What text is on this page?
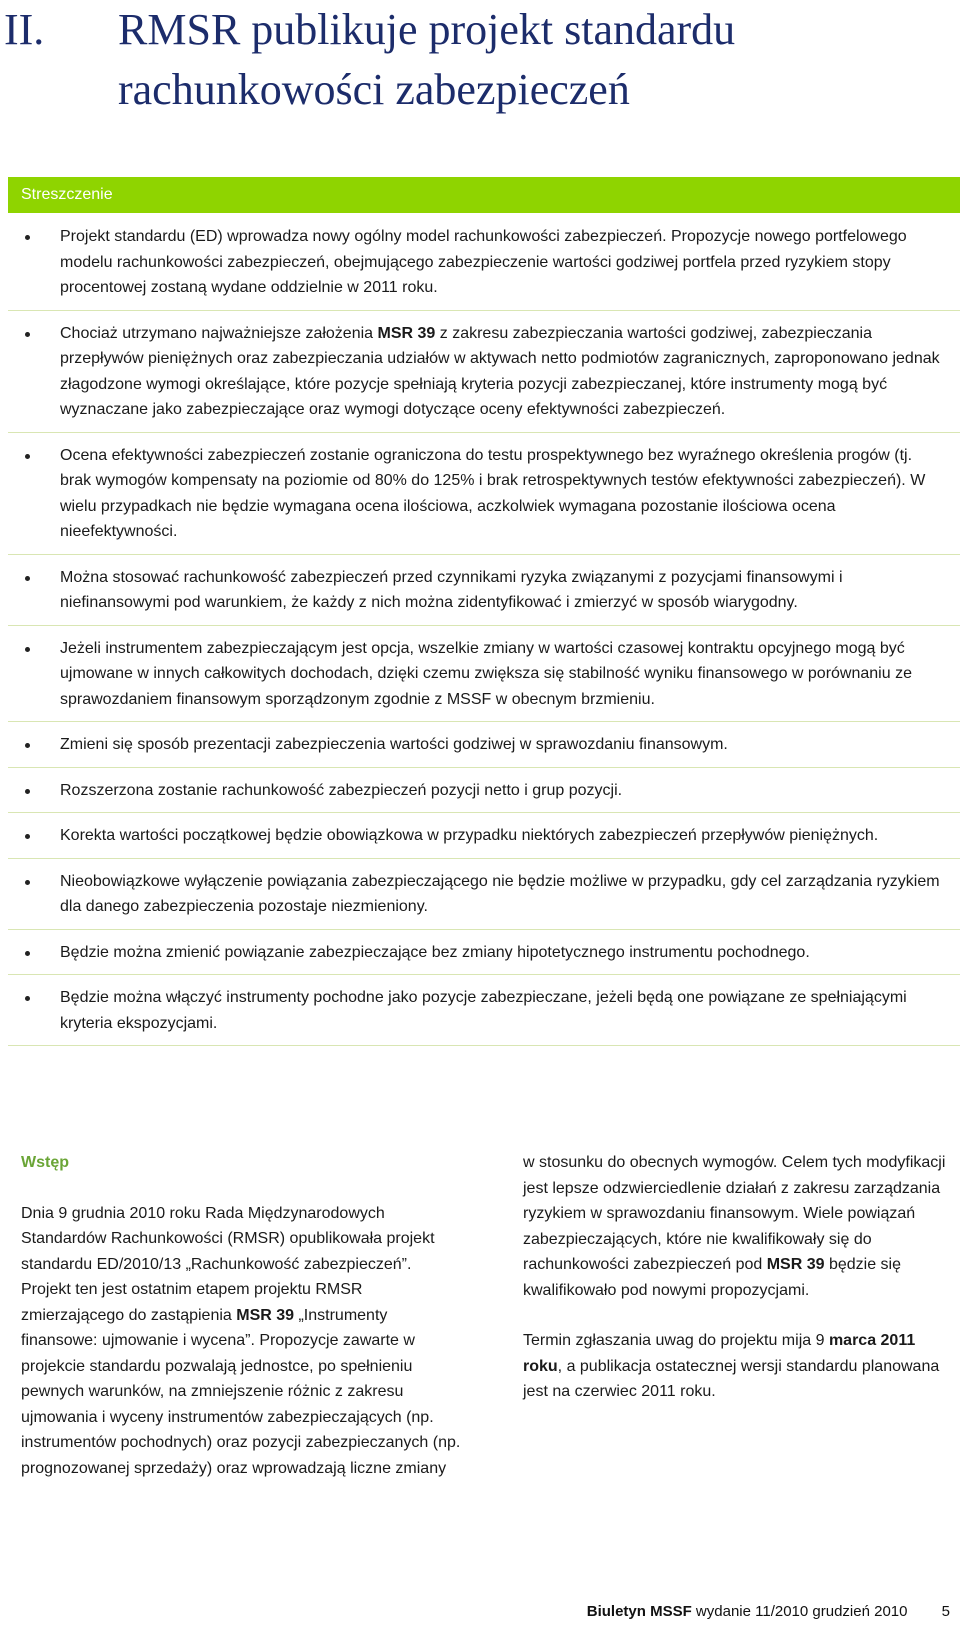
II. RMSR publikuje projekt standardu rachunkowości zabezpieczeń
Streszczenie
Projekt standardu (ED) wprowadza nowy ogólny model rachunkowości zabezpieczeń. Propozycje nowego portfelowego modelu rachunkowości zabezpieczeń, obejmującego zabezpieczenie wartości godziwej portfela przed ryzykiem stopy procentowej zostaną wydane oddzielnie w 2011 roku.
Chociaż utrzymano najważniejsze założenia MSR 39 z zakresu zabezpieczania wartości godziwej, zabezpieczania przepływów pieniężnych oraz zabezpieczania udziałów w aktywach netto podmiotów zagranicznych, zaproponowano jednak złagodzone wymogi określające, które pozycje spełniają kryteria pozycji zabezpieczanej, które instrumenty mogą być wyznaczane jako zabezpieczające oraz wymogi dotyczące oceny efektywności zabezpieczeń.
Ocena efektywności zabezpieczeń zostanie ograniczona do testu prospektywnego bez wyraźnego określenia progów (tj. brak wymogów kompensaty na poziomie od 80% do 125% i brak retrospektywnych testów efektywności zabezpieczeń). W wielu przypadkach nie będzie wymagana ocena ilościowa, aczkolwiek wymagana pozostanie ilościowa ocena nieefektywności.
Można stosować rachunkowość zabezpieczeń przed czynnikami ryzyka związanymi z pozycjami finansowymi i niefinansowymi pod warunkiem, że każdy z nich można zidentyfikować i zmierzyć w sposób wiarygodny.
Jeżeli instrumentem zabezpieczającym jest opcja, wszelkie zmiany w wartości czasowej kontraktu opcyjnego mogą być ujmowane w innych całkowitych dochodach, dzięki czemu zwiększa się stabilność wyniku finansowego w porównaniu ze sprawozdaniem finansowym sporządzonym zgodnie z MSSF w obecnym brzmieniu.
Zmieni się sposób prezentacji zabezpieczenia wartości godziwej w sprawozdaniu finansowym.
Rozszerzona zostanie rachunkowość zabezpieczeń pozycji netto i grup pozycji.
Korekta wartości początkowej będzie obowiązkowa w przypadku niektórych zabezpieczeń przepływów pieniężnych.
Nieobowiązkowe wyłączenie powiązania zabezpieczającego nie będzie możliwe w przypadku, gdy cel zarządzania ryzykiem dla danego zabezpieczenia pozostaje niezmieniony.
Będzie można zmienić powiązanie zabezpieczające bez zmiany hipotetycznego instrumentu pochodnego.
Będzie można włączyć instrumenty pochodne jako pozycje zabezpieczane, jeżeli będą one powiązane ze spełniającymi kryteria ekspozycjami.
Wstęp

Dnia 9 grudnia 2010 roku Rada Międzynarodowych Standardów Rachunkowości (RMSR) opublikowała projekt standardu ED/2010/13 „Rachunkowość zabezpieczeń”. Projekt ten jest ostatnim etapem projektu RMSR zmierzającego do zastąpienia MSR 39 „Instrumenty finansowe: ujmowanie i wycena”. Propozycje zawarte w projekcie standardu pozwalają jednostce, po spełnieniu pewnych warunków, na zmniejszenie różnic z zakresu ujmowania i wyceny instrumentów zabezpieczających (np. instrumentów pochodnych) oraz pozycji zabezpieczanych (np. prognozowanej sprzedaży) oraz wprowadzają liczne zmiany

w stosunku do obecnych wymogów. Celem tych modyfikacji jest lepsze odzwierciedlenie działań z zakresu zarządzania ryzykiem w sprawozdaniu finansowym. Wiele powiązań zabezpieczających, które nie kwalifikowały się do rachunkowości zabezpieczeń pod MSR 39 będzie się kwalifikowało pod nowymi propozycjami.

Termin zgłaszania uwag do projektu mija 9 marca 2011 roku, a publikacja ostatecznej wersji standardu planowana jest na czerwiec 2011 roku.

Biuletyn MSSF wydanie 11/2010 grudzień 2010 5
